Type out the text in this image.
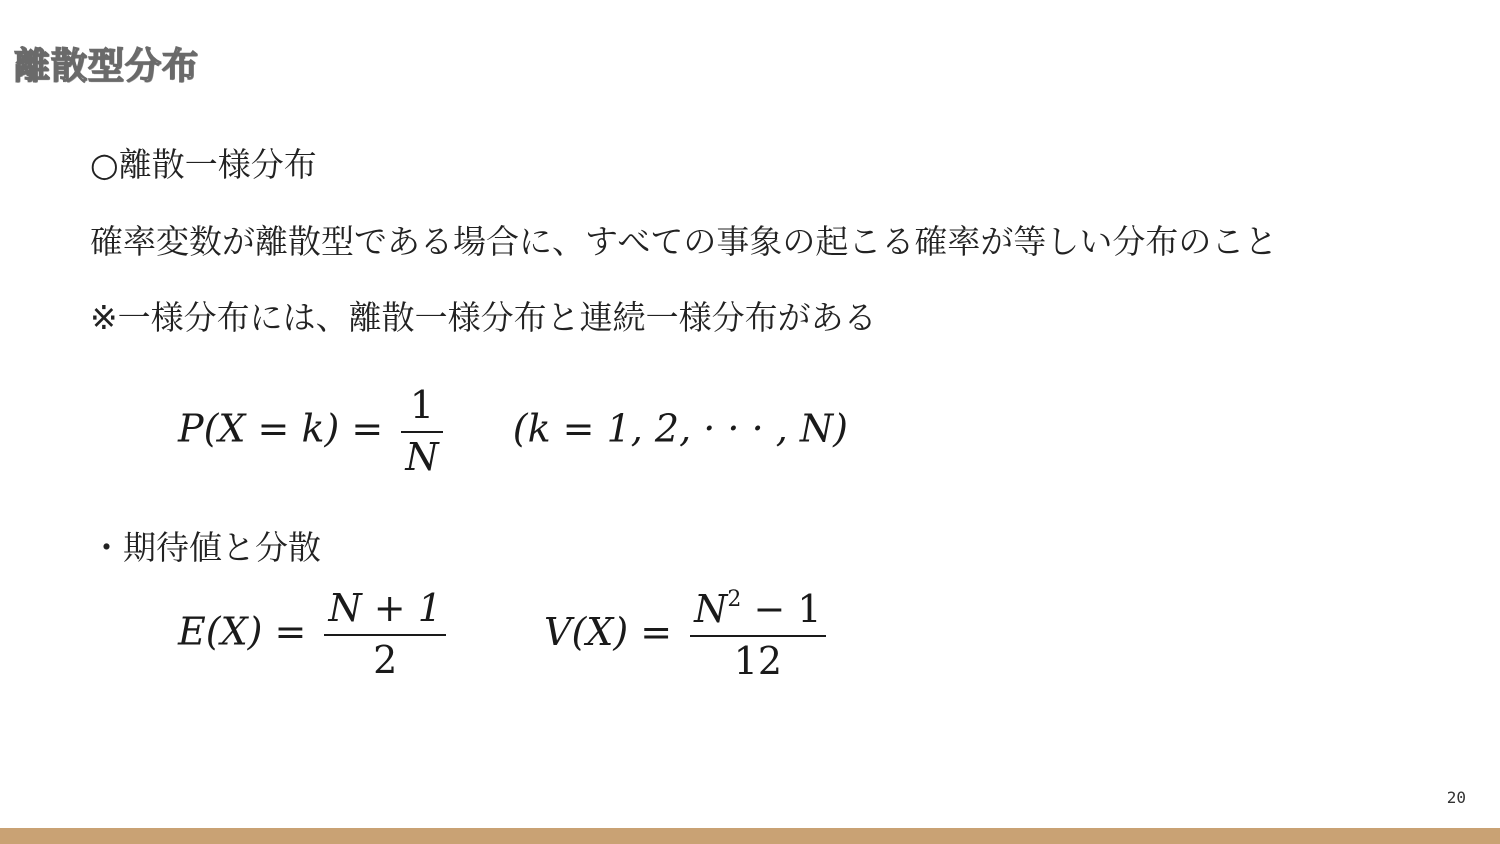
離散型分布
○離散一様分布
確率変数が離散型である場合に、すべての事象の起こる確率が等しい分布のこと
※一様分布には、離散一様分布と連続一様分布がある
$P(X = k) = \frac{1}{N} (k = 1$, 2, · · · , N)
・期待値と分散
$E(X) = \frac{N + 1}{2}$	$V(X) = \frac{N^2 - 1}{12}$
20
